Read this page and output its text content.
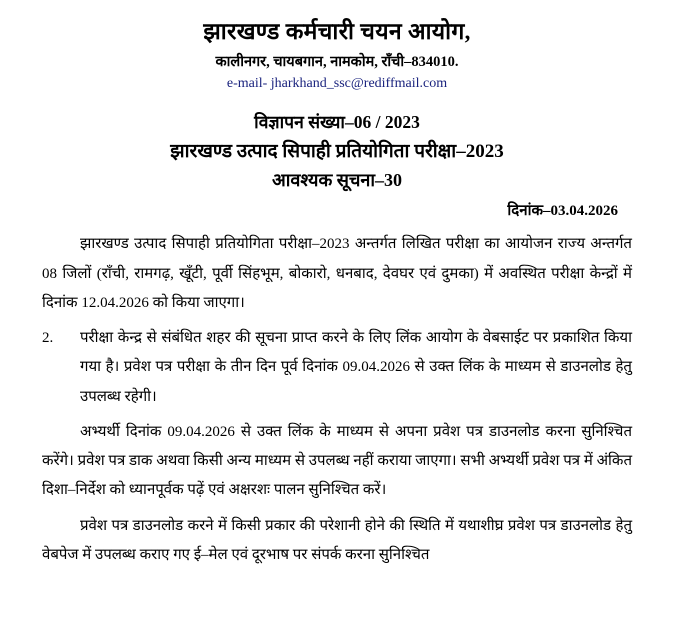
झारखण्ड कर्मचारी चयन आयोग,
कालीनगर, चायबगान, नामकोम, राँची–834010.
e-mail- jharkhand_ssc@rediffmail.com
विज्ञापन संख्या–06 / 2023
झारखण्ड उत्पाद सिपाही प्रतियोगिता परीक्षा–2023
आवश्यक सूचना–30
दिनांक–03.04.2026

झारखण्ड उत्पाद सिपाही प्रतियोगिता परीक्षा–2023 अन्तर्गत लिखित परीक्षा का आयोजन राज्य अन्तर्गत 08 जिलों (राँची, रामगढ़, खूँटी, पूर्वी सिंहभूम, बोकारो, धनबाद, देवघर एवं दुमका) में अवस्थित परीक्षा केन्द्रों में दिनांक 12.04.2026 को किया जाएगा।

2. परीक्षा केन्द्र से संबंधित शहर की सूचना प्राप्त करने के लिए लिंक आयोग के वेबसाईट पर प्रकाशित किया गया है। प्रवेश पत्र परीक्षा के तीन दिन पूर्व दिनांक 09.04.2026 से उक्त लिंक के माध्यम से डाउनलोड हेतु उपलब्ध रहेगी।

अभ्यर्थी दिनांक 09.04.2026 से उक्त लिंक के माध्यम से अपना प्रवेश पत्र डाउनलोड करना सुनिश्चित करेंगे। प्रवेश पत्र डाक अथवा किसी अन्य माध्यम से उपलब्ध नहीं कराया जाएगा। सभी अभ्यर्थी प्रवेश पत्र में अंकित दिशा–निर्देश को ध्यानपूर्वक पढ़ें एवं अक्षरशः पालन सुनिश्चित करें।

प्रवेश पत्र डाउनलोड करने में किसी प्रकार की परेशानी होने की स्थिति में यथाशीघ्र प्रवेश पत्र डाउनलोड हेतु वेबपेज में उपलब्ध कराए गए ई–मेल एवं दूरभाष पर संपर्क करना सुनिश्चित
